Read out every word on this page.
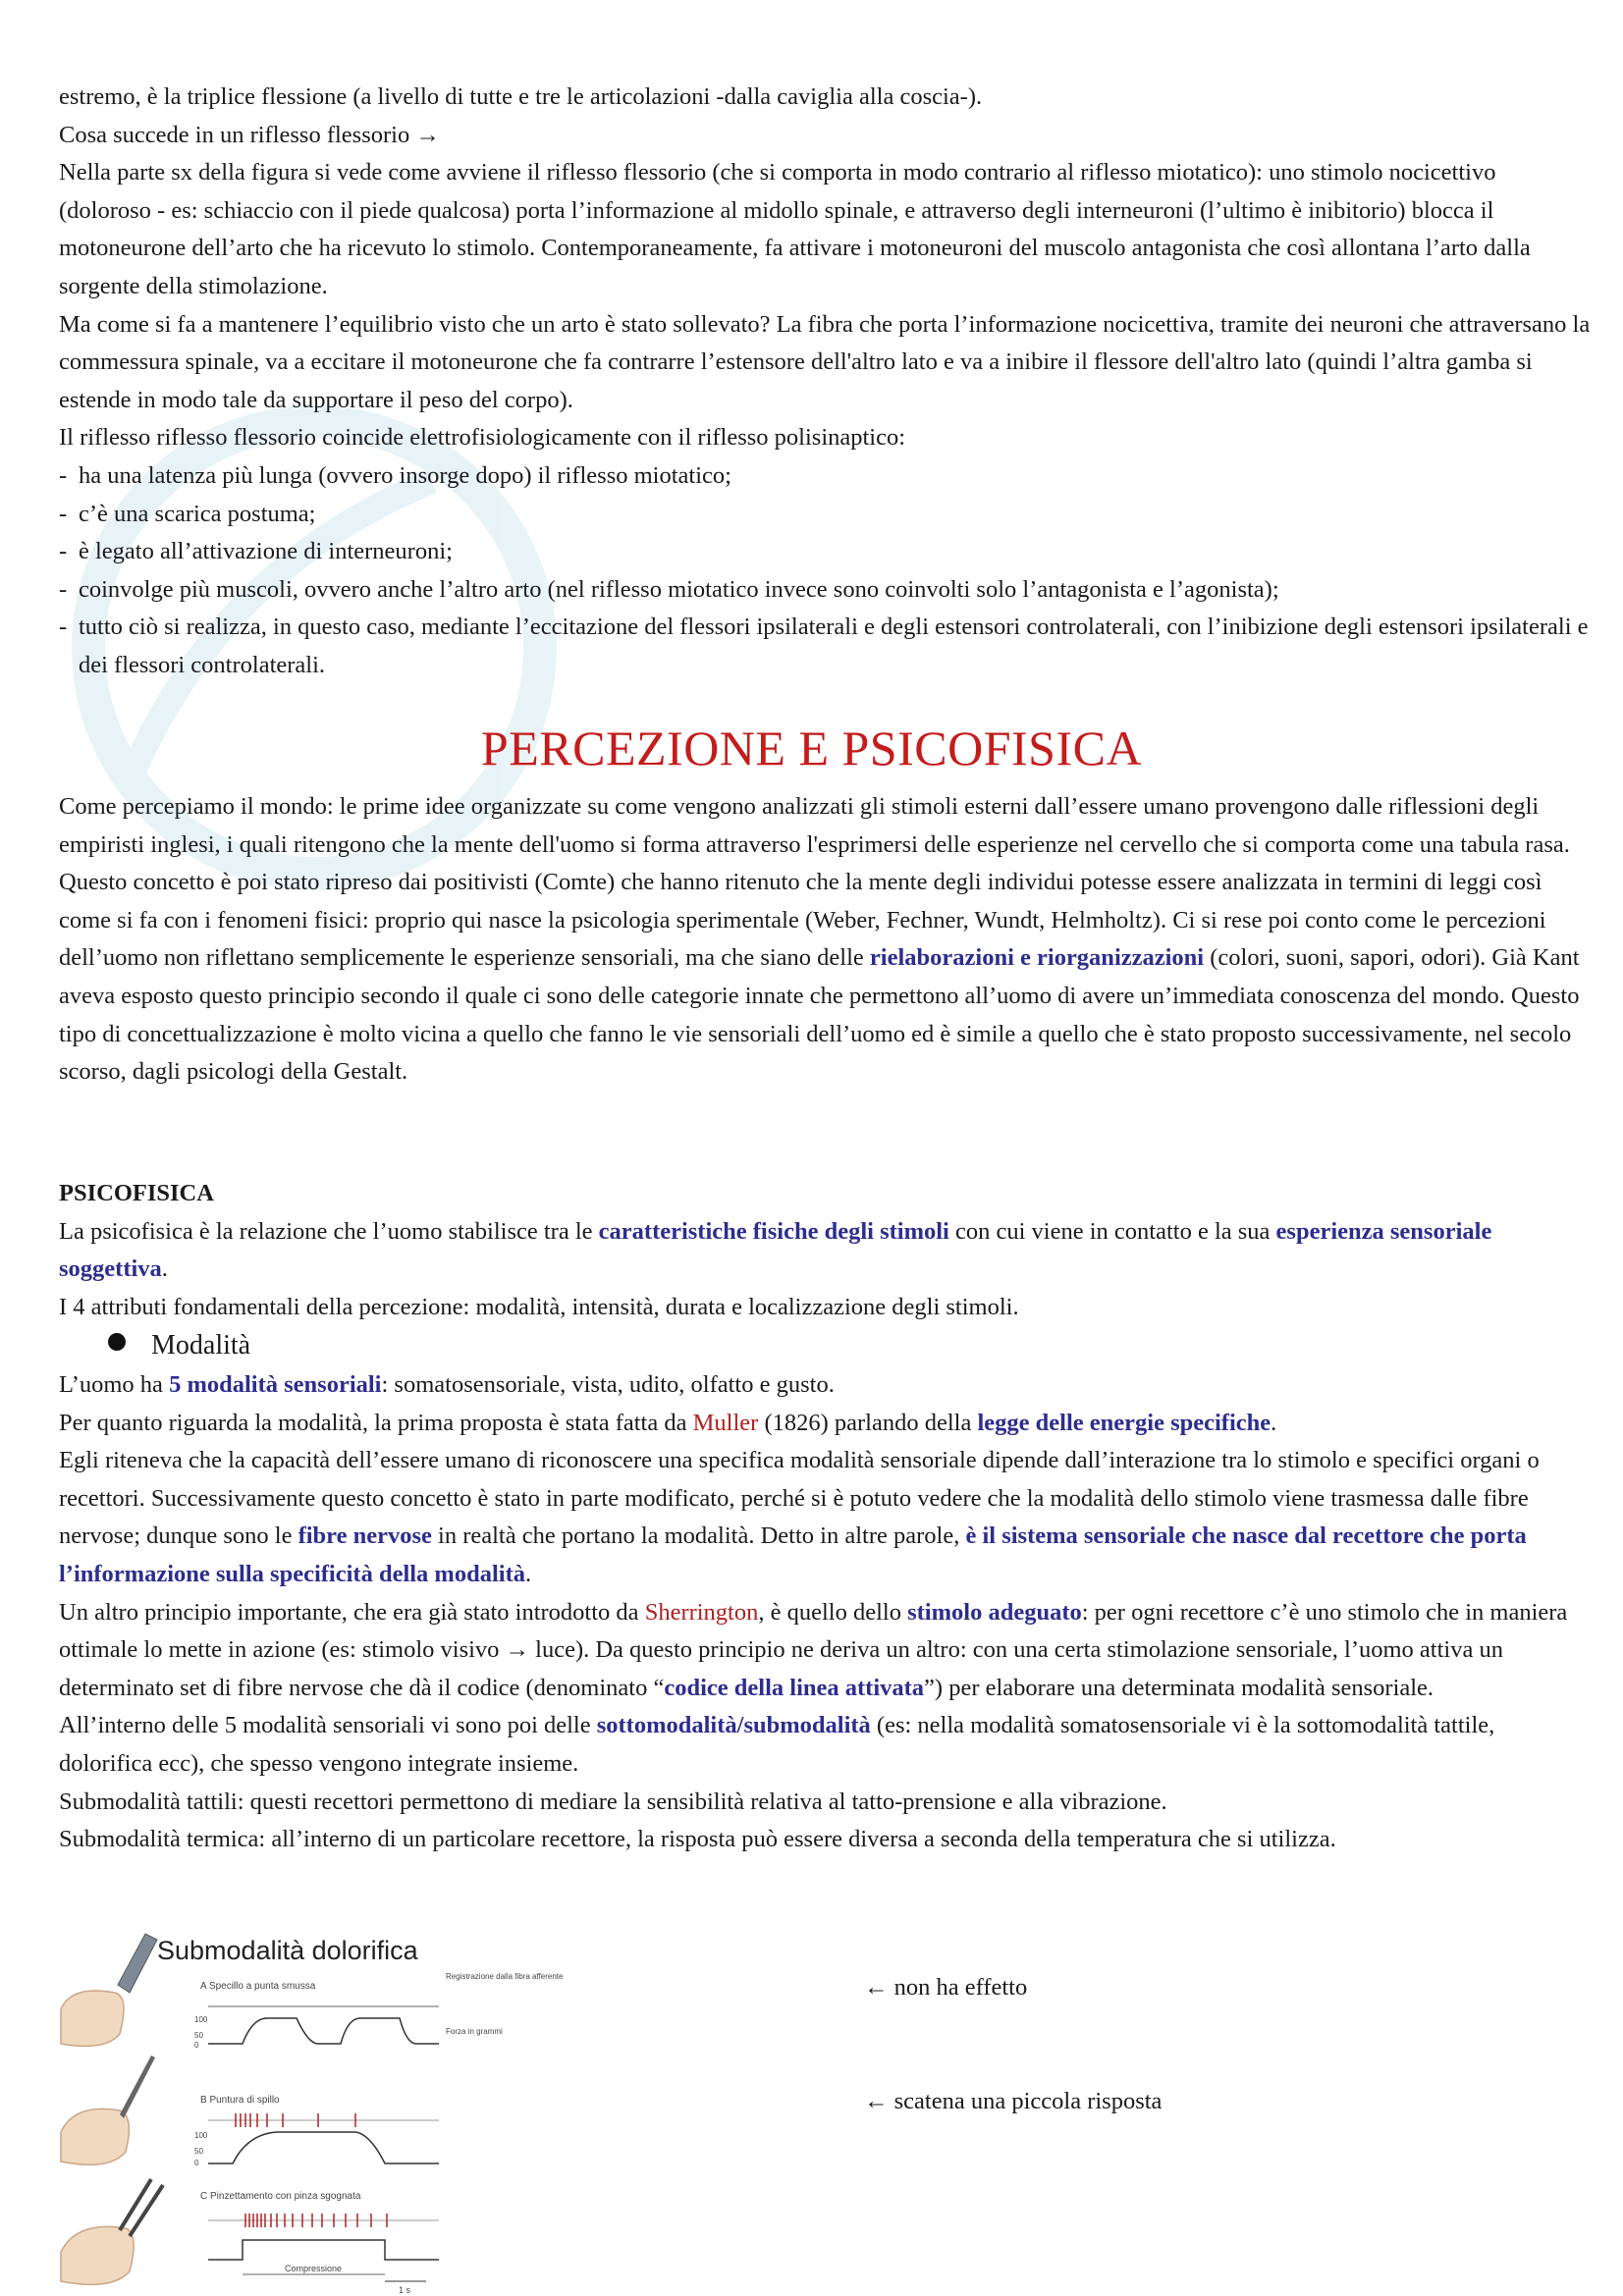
estremo, è la triplice flessione (a livello di tutte e tre le articolazioni -dalla caviglia alla coscia-).

Cosa succede in un riflesso flessorio →

Nella parte sx della figura si vede come avviene il riflesso flessorio (che si comporta in modo contrario al riflesso miotatico): uno stimolo nocicettivo (doloroso - es: schiaccio con il piede qualcosa) porta l’informazione al midollo spinale, e attraverso degli interneuroni (l’ultimo è inibitorio) blocca il motoneurone dell’arto che ha ricevuto lo stimolo. Contemporaneamente, fa attivare i motoneuroni del muscolo antagonista che così allontana l’arto dalla sorgente della stimolazione.

Ma come si fa a mantenere l’equilibrio visto che un arto è stato sollevato? La fibra che porta l’informazione nocicettiva, tramite dei neuroni che attraversano la commessura spinale, va a eccitare il motoneurone che fa contrarre l’estensore dell'altro lato e va a inibire il flessore dell'altro lato (quindi l’altra gamba si estende in modo tale da supportare il peso del corpo).

Il riflesso riflesso flessorio coincide elettrofisiologicamente con il riflesso polisinaptico:

- ha una latenza più lunga (ovvero insorge dopo) il riflesso miotatico;

- c’è una scarica postuma;

- è legato all’attivazione di interneuroni;

- coinvolge più muscoli, ovvero anche l’altro arto (nel riflesso miotatico invece sono coinvolti solo l’antagonista e l’agonista);

- tutto ciò si realizza, in questo caso, mediante l’eccitazione del flessori ipsilaterali e degli estensori controlaterali, con l’inibizione degli estensori ipsilaterali e dei flessori controlaterali.

PERCEZIONE E PSICOFISICA

Come percepiamo il mondo: le prime idee organizzate su come vengono analizzati gli stimoli esterni dall’essere umano provengono dalle riflessioni degli empiristi inglesi, i quali ritengono che la mente dell'uomo si forma attraverso l'esprimersi delle esperienze nel cervello che si comporta come una tabula rasa. Questo concetto è poi stato ripreso dai positivisti (Comte) che hanno ritenuto che la mente degli individui potesse essere analizzata in termini di leggi così come si fa con i fenomeni fisici: proprio qui nasce la psicologia sperimentale (Weber, Fechner, Wundt, Helmholtz). Ci si rese poi conto come le percezioni dell’uomo non riflettano semplicemente le esperienze sensoriali, ma che siano delle rielaborazioni e riorganizzazioni (colori, suoni, sapori, odori). Già Kant aveva esposto questo principio secondo il quale ci sono delle categorie innate che permettono all’uomo di avere un’immediata conoscenza del mondo. Questo tipo di concettualizzazione è molto vicina a quello che fanno le vie sensoriali dell’uomo ed è simile a quello che è stato proposto successivamente, nel secolo scorso, dagli psicologi della Gestalt.

PSICOFISICA

La psicofisica è la relazione che l’uomo stabilisce tra le caratteristiche fisiche degli stimoli con cui viene in contatto e la sua esperienza sensoriale soggettiva.

I 4 attributi fondamentali della percezione: modalità, intensità, durata e localizzazione degli stimoli.

Modalità

L’uomo ha 5 modalità sensoriali: somatosensoriale, vista, udito, olfatto e gusto.

Per quanto riguarda la modalità, la prima proposta è stata fatta da Muller (1826) parlando della legge delle energie specifiche.

Egli riteneva che la capacità dell’essere umano di riconoscere una specifica modalità sensoriale dipende dall’interazione tra lo stimolo e specifici organi o recettori. Successivamente questo concetto è stato in parte modificato, perché si è potuto vedere che la modalità dello stimolo viene trasmessa dalle fibre nervose; dunque sono le fibre nervose in realtà che portano la modalità. Detto in altre parole, è il sistema sensoriale che nasce dal recettore che porta l’informazione sulla specificità della modalità.

Un altro principio importante, che era già stato introdotto da Sherrington, è quello dello stimolo adeguato: per ogni recettore c’è uno stimolo che in maniera ottimale lo mette in azione (es: stimolo visivo → luce). Da questo principio ne deriva un altro: con una certa stimolazione sensoriale, l’uomo attiva un determinato set di fibre nervose che dà il codice (denominato “codice della linea attivata”) per elaborare una determinata modalità sensoriale.

All’interno delle 5 modalità sensoriali vi sono poi delle sottomodalità/submodalità (es: nella modalità somatosensoriale vi è la sottomodalità tattile, dolorifica ecc), che spesso vengono integrate insieme.

Submodalità tattili: questi recettori permettono di mediare la sensibilità relativa al tatto-prensione e alla vibrazione.

Submodalità termica: all’interno di un particolare recettore, la risposta può essere diversa a seconda della temperatura che si utilizza.

Submodalità dolorifica
A Specillo a punta smussa
Registrazione dalla fibra afferente
100
50
0
Forza in grammi
B Puntura di spillo
100
50
0
C Pinzettamento con pinza sgognata
Compressione
1 s
← non ha effetto
← scatena una piccola risposta
